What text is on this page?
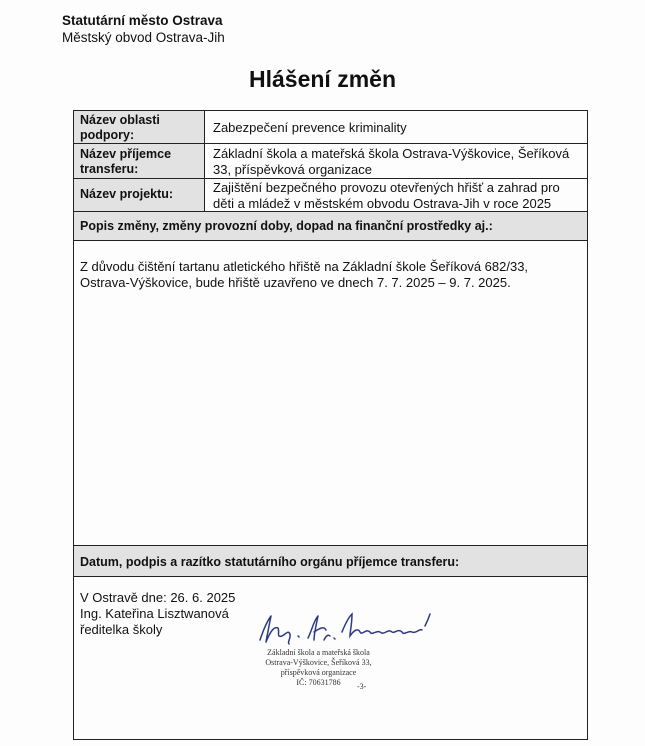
Statutární město Ostrava
Městský obvod Ostrava-Jih
Hlášení změn
Název oblasti podpory:	Zabezpečení prevence kriminality
Název příjemce transferu:
Základní škola a mateřská škola Ostrava-Výškovice, Šeříková 33, příspěvková organizace
Název projektu:	Zajištění bezpečného provozu otevřených hřišť a zahrad pro děti a mládež v městském obvodu Ostrava-Jih v roce 2025
Popis změny, změny provozní doby, dopad na finanční prostředky aj.:
Z důvodu čištění tartanu atletického hřiště na Základní škole Šeříková 682/33, Ostrava-Výškovice, bude hřiště uzavřeno ve dnech 7. 7. 2025 – 9. 7. 2025.
Datum, podpis a razítko statutárního orgánu příjemce transferu:
V Ostravě dne: 26. 6. 2025
Ing. Kateřina Lisztwanová
ředitelka školy
Základní škola a mateřská škola
Ostrava-Výškovice, Šeříková 33,
příspěvková organizace
IČ: 70631786	-3-
